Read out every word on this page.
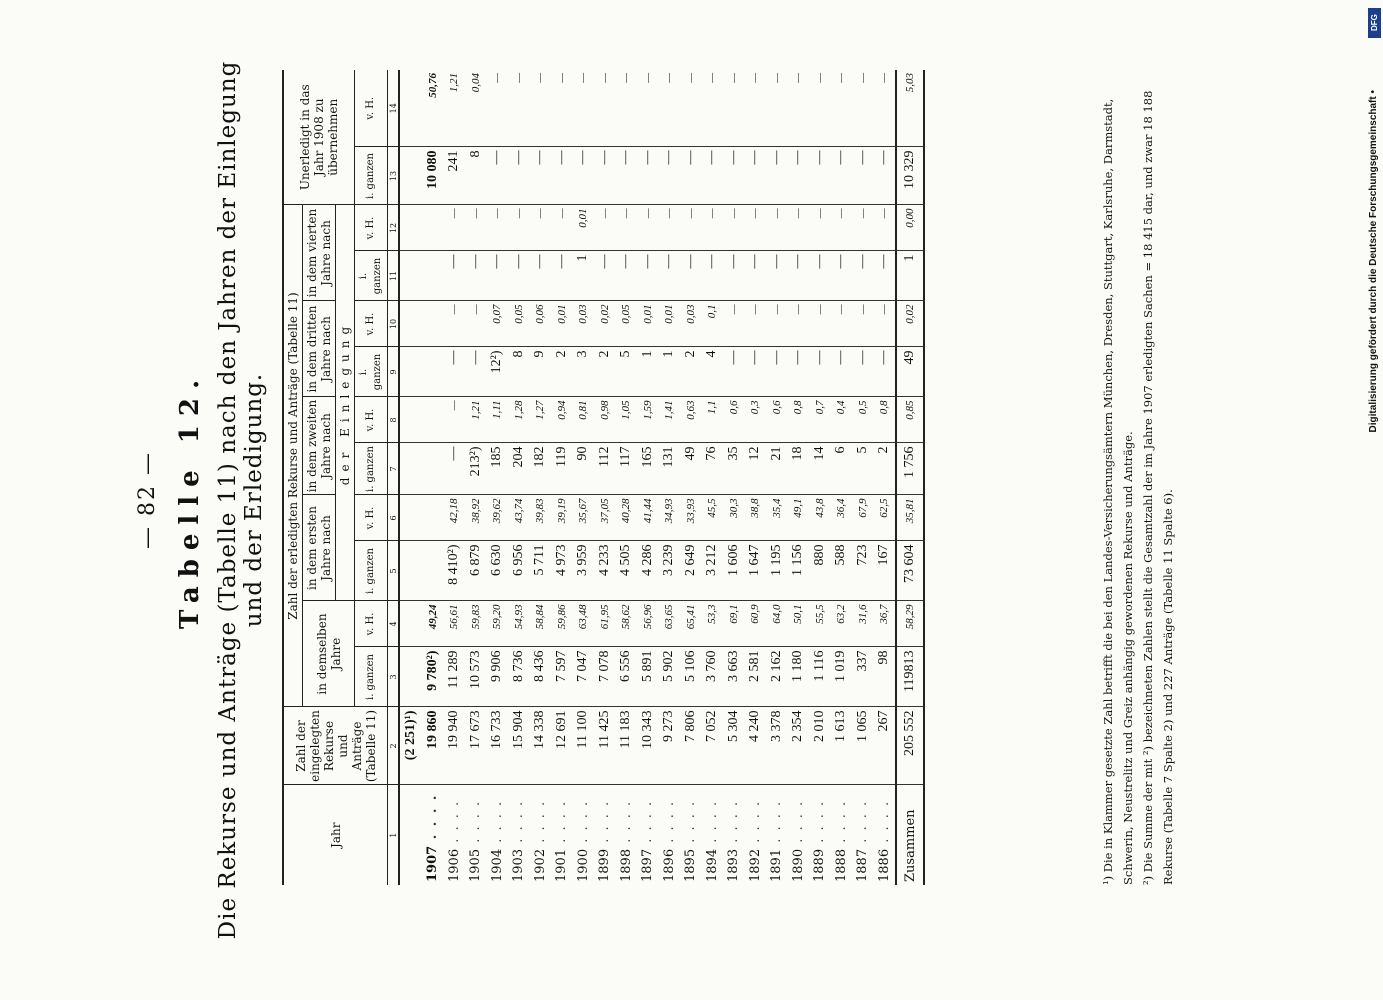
— 82 — Tabelle 12. Die Rekurse und Anträge (Tabelle 11) nach den Jahren der Einlegung und der Erledigung.
Jahr	Zahl der eingelegten Rekurse und Anträge (Tabelle 11)	Zahl der erledigten Rekurse und Anträge (Tabelle 11)										Unerledigt in das Jahr 1908 zu übernehmen	
		in demselben Jahre		in dem ersten Jahre nach		in dem zweiten Jahre nach		in dem dritten Jahre nach		in dem vierten Jahre nach			
				der Einlegung									
		i. ganzen	v. H.	i. ganzen	v. H.	i. ganzen	v. H.	i. ganzen	v. H.	i. ganzen	v. H.	i. ganzen	v. H.
1	2	3	4	5	6	7	8	9	10	11	12	13	14
	(2 251)¹)												
1907 . . . .	19 860	9 780²)	49,24									10 080	50,76
1906 . . . .	19 940	11 289	56,61	8 410²)	42,18	—	—	—	—	—	—	241	1,21
1905 . . . .	17 673	10 573	59,83	6 879	38,92	213²)	1,21	—	—	—	—	8	0,04
1904 . . . .	16 733	9 906	59,20	6 630	39,62	185	1,11	12²)	0,07	—	—	—	—
1903 . . . .	15 904	8 736	54,93	6 956	43,74	204	1,28	8	0,05	—	—	—	—
1902 . . . .	14 338	8 436	58,84	5 711	39,83	182	1,27	9	0,06	—	—	—	—
1901 . . . .	12 691	7 597	59,86	4 973	39,19	119	0,94	2	0,01	—	—	—	—
1900 . . . .	11 100	7 047	63,48	3 959	35,67	90	0,81	3	0,03	1	0,01	—	—
1899 . . . .	11 425	7 078	61,95	4 233	37,05	112	0,98	2	0,02	—	—	—	—
1898 . . . .	11 183	6 556	58,62	4 505	40,28	117	1,05	5	0,05	—	—	—	—
1897 . . . .	10 343	5 891	56,96	4 286	41,44	165	1,59	1	0,01	—	—	—	—
1896 . . . .	9 273	5 902	63,65	3 239	34,93	131	1,41	1	0,01	—	—	—	—
1895 . . . .	7 806	5 106	65,41	2 649	33,93	49	0,63	2	0,03	—	—	—	—
1894 . . . .	7 052	3 760	53,3	3 212	45,5	76	1,1	4	0,1	—	—	—	—
1893 . . . .	5 304	3 663	69,1	1 606	30,3	35	0,6	—	—	—	—	—	—
1892 . . . .	4 240	2 581	60,9	1 647	38,8	12	0,3	—	—	—	—	—	—
1891 . . . .	3 378	2 162	64,0	1 195	35,4	21	0,6	—	—	—	—	—	—
1890 . . . .	2 354	1 180	50,1	1 156	49,1	18	0,8	—	—	—	—	—	—
1889 . . . .	2 010	1 116	55,5	880	43,8	14	0,7	—	—	—	—	—	—
1888 . . . .	1 613	1 019	63,2	588	36,4	6	0,4	—	—	—	—	—	—
1887 . . . .	1 065	337	31,6	723	67,9	5	0,5	—	—	—	—	—	—
1886 . . . .	267	98	36,7	167	62,5	2	0,8	—	—	—	—	—	—
Zusammen	205 552	119813	58,29	73 604	35,81	1 756	0,85	49	0,02	1	0,00	10 329	5,03

¹) Die in Klammer gesetzte Zahl betrifft die bei den Landes-Versicherungsämtern München, Dresden, Stuttgart, Karlsruhe, Darmstadt, Schwerin, Neustrelitz und Greiz anhängig gewordenen Rekurse und Anträge. ²) Die Summe der mit ²) bezeichneten Zahlen stellt die Gesamtzahl der im Jahre 1907 erledigten Sachen = 18 415 dar, und zwar 18 188 Rekurse (Tabelle 7 Spalte 2) und 227 Anträge (Tabelle 11 Spalte 6).

Digitalisierung gefördert durch die Deutsche Forschungsgemeinschaft •
DFG
